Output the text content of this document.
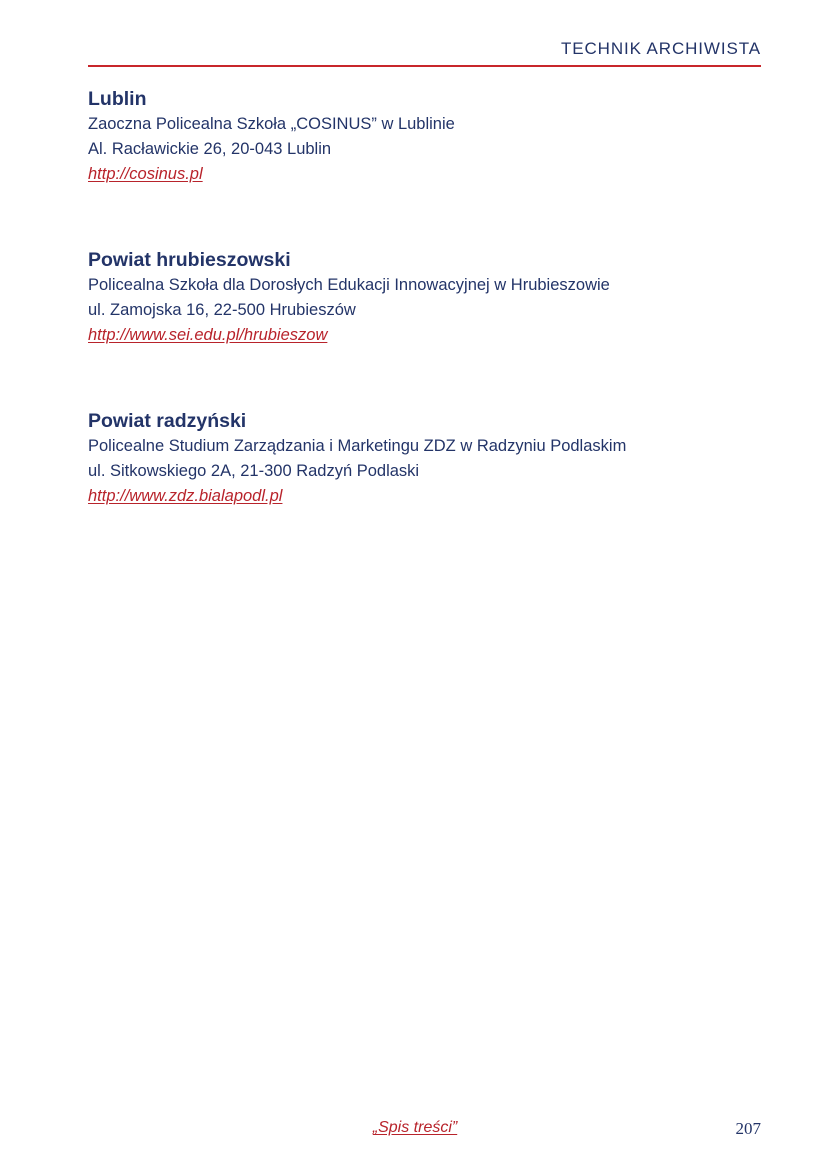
TECHNIK ARCHIWISTA
Lublin
Zaoczna Policealna Szkoła „COSINUS” w Lublinie
Al. Racławickie 26, 20-043 Lublin
http://cosinus.pl
Powiat hrubieszowski
Policealna Szkoła dla Dorosłych Edukacji Innowacyjnej w Hrubieszowie
ul. Zamojska 16, 22-500 Hrubieszów
http://www.sei.edu.pl/hrubieszow
Powiat radzyński
Policealne Studium Zarządzania i Marketingu ZDZ w Radzyniu Podlaskim
ul. Sitkowskiego 2A, 21-300 Radzyń Podlaski
http://www.zdz.bialapodl.pl
„Spis treści”	207
